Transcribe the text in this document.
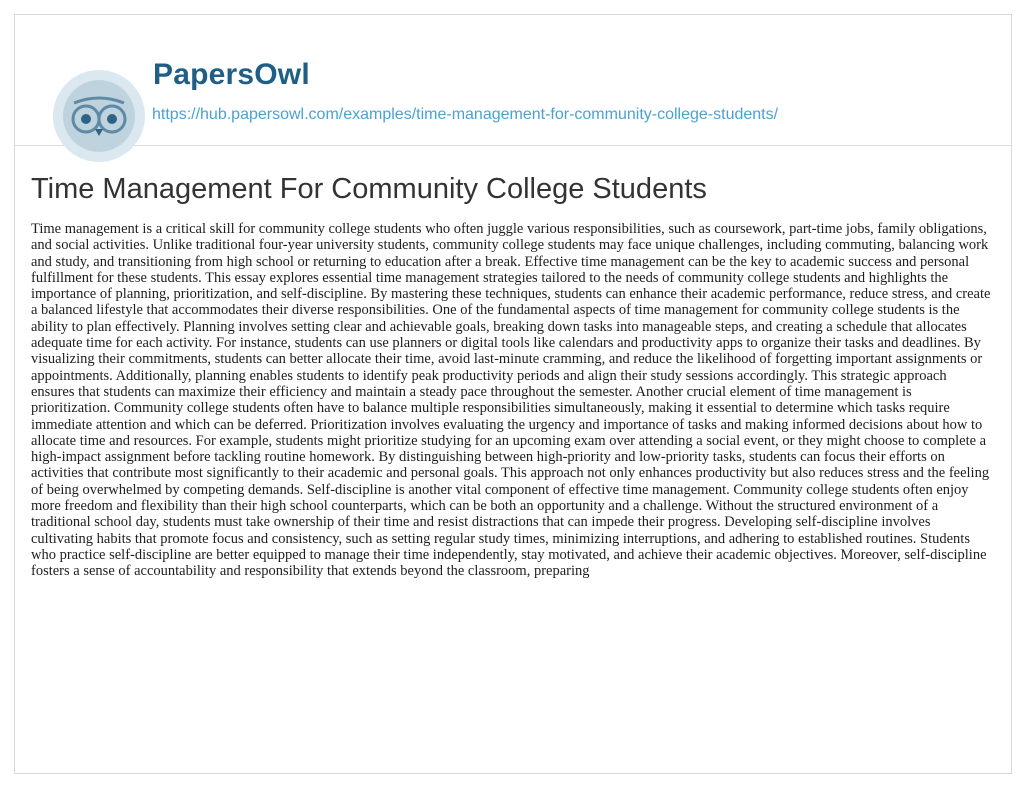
PapersOwl
https://hub.papersowl.com/examples/time-management-for-community-college-students/
Time Management For Community College Students

Time management is a critical skill for community college students who often juggle various responsibilities, such as coursework, part-time jobs, family obligations, and social activities. Unlike traditional four-year university students, community college students may face unique challenges, including commuting, balancing work and study, and transitioning from high school or returning to education after a break. Effective time management can be the key to academic success and personal fulfillment for these students. This essay explores essential time management strategies tailored to the needs of community college students and highlights the importance of planning, prioritization, and self-discipline. By mastering these techniques, students can enhance their academic performance, reduce stress, and create a balanced lifestyle that accommodates their diverse responsibilities. One of the fundamental aspects of time management for community college students is the ability to plan effectively. Planning involves setting clear and achievable goals, breaking down tasks into manageable steps, and creating a schedule that allocates adequate time for each activity. For instance, students can use planners or digital tools like calendars and productivity apps to organize their tasks and deadlines. By visualizing their commitments, students can better allocate their time, avoid last-minute cramming, and reduce the likelihood of forgetting important assignments or appointments. Additionally, planning enables students to identify peak productivity periods and align their study sessions accordingly. This strategic approach ensures that students can maximize their efficiency and maintain a steady pace throughout the semester. Another crucial element of time management is prioritization. Community college students often have to balance multiple responsibilities simultaneously, making it essential to determine which tasks require immediate attention and which can be deferred. Prioritization involves evaluating the urgency and importance of tasks and making informed decisions about how to allocate time and resources. For example, students might prioritize studying for an upcoming exam over attending a social event, or they might choose to complete a high-impact assignment before tackling routine homework. By distinguishing between high-priority and low-priority tasks, students can focus their efforts on activities that contribute most significantly to their academic and personal goals. This approach not only enhances productivity but also reduces stress and the feeling of being overwhelmed by competing demands. Self-discipline is another vital component of effective time management. Community college students often enjoy more freedom and flexibility than their high school counterparts, which can be both an opportunity and a challenge. Without the structured environment of a traditional school day, students must take ownership of their time and resist distractions that can impede their progress. Developing self-discipline involves cultivating habits that promote focus and consistency, such as setting regular study times, minimizing interruptions, and adhering to established routines. Students who practice self-discipline are better equipped to manage their time independently, stay motivated, and achieve their academic objectives. Moreover, self-discipline fosters a sense of accountability and responsibility that extends beyond the classroom, preparing
